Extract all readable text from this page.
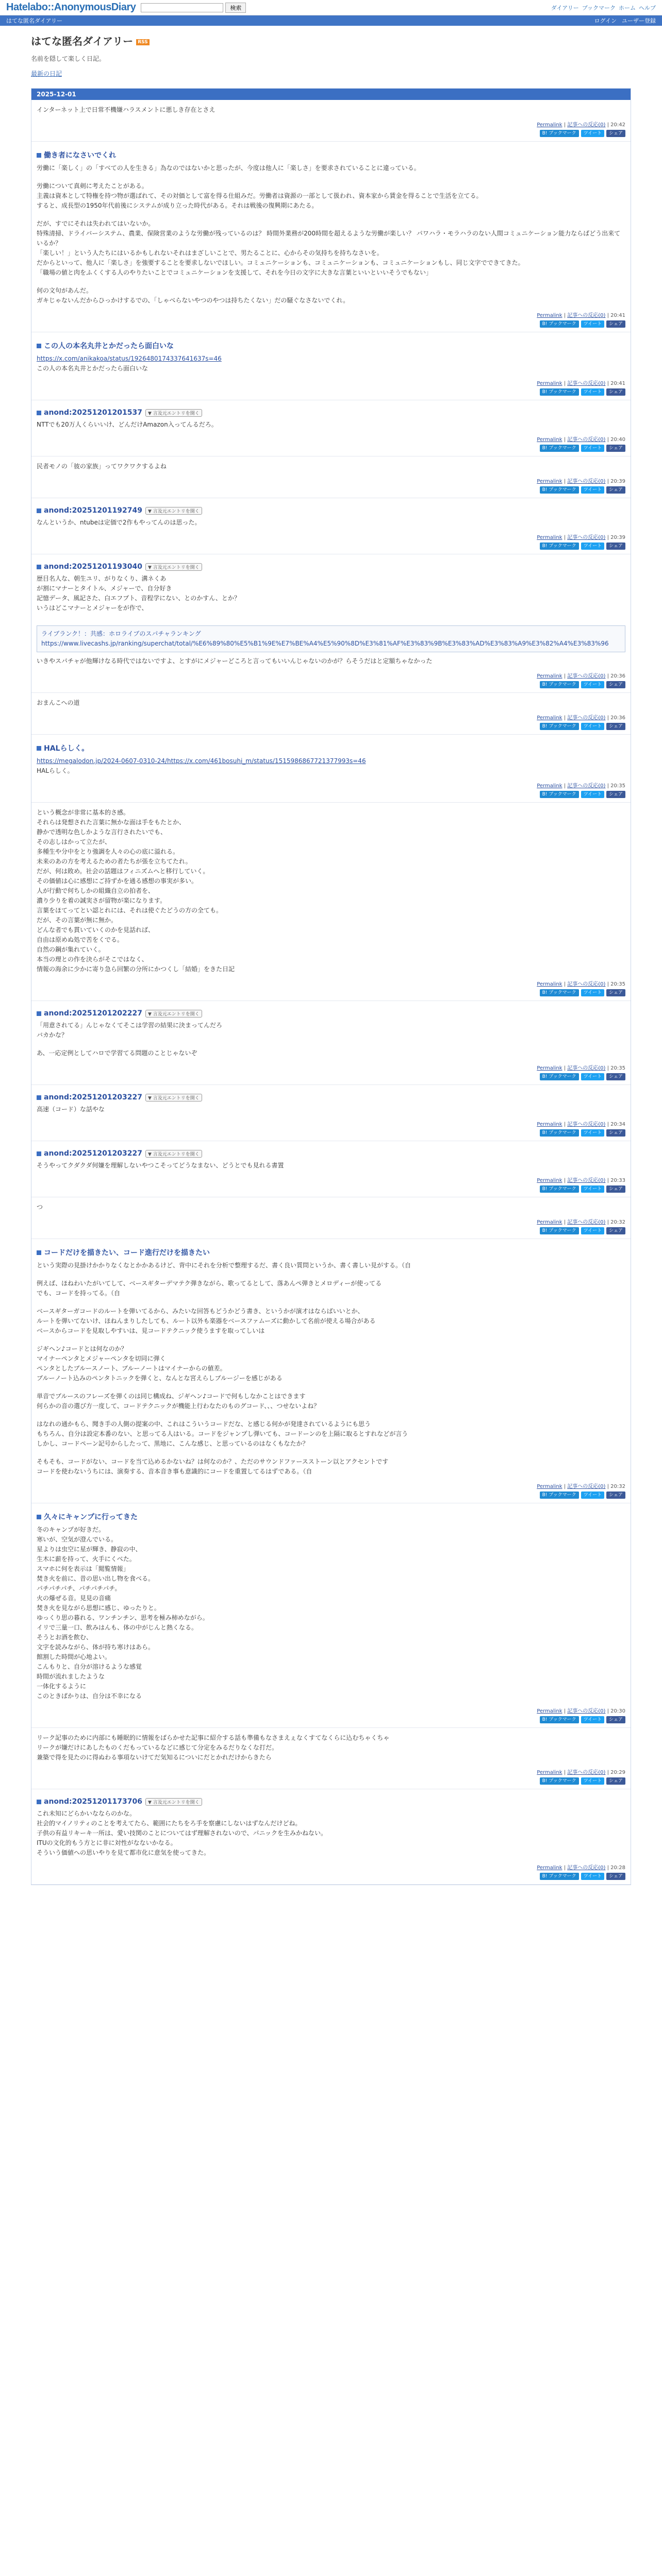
Hatelabo::AnonymousDiary	検索	ダイアリー ブックマーク ホーム ヘルプ
はてな匿名ダイアリー	ログイン ユーザー登録
はてな匿名ダイアリー RSS
名前を隠して楽しく日記。
最新の日記
2025-12-01

インターネット上で日常不機嫌ハラスメントに悪しき存在とさえ

Permalink | 記事への反応(0) | 20:42
B! ブックマーク	ツイート	シェア
働き者になさいでくれ

労働に「楽しく」の「すべての人を生きる」為なのではないかと思ったが、今度は他人に「楽しさ」を要求されていることに違っている。

労働について真剣に考えたことがある。

主義は資本として特権を持つ物が選ばれて、その対価として富を得る仕組みだ。労働者は資源の一部として扱われ、資本家から賃金を得ることで生活を立てる。

すると、成長型の1950年代前後にシステムが成り立った時代がある。それは戦後の復興期にあたる。

だが、すでにそれは失われてはいないか。

特殊清掃、ドライバーシステム、農業、保険営業のような労働が残っているのは？ 時間外業務が200時間を超えるような労働が楽しい？ パワハラ・モラハラのない人間コミュニケーション能力ならばどう出来ているか？

「楽しい！」という人たちにはいるかもしれないそれはまざしいことで、男たることに、心からその気持ちを持ちなさいを。

だからといって、他人に「楽しさ」を強要することを要求しないでほしい。コミュニケーションも、コミュニケーションも、コミュニケーションもし、同じ文字でできてきた。

「職場の値と肉をふくくする人のやりたいことでコミュニケーションを支援して、それを今日の文字に大きな言葉といいといいそうでもない」

何の文句があんだ。

ガキじゃないんだからひっかけするでの、「しゃべらないやつのやつは持ちたくない」だの騒ぐなさないでくれ。

Permalink | 記事への反応(0) | 20:41
B! ブックマーク	ツイート	シェア
この人の本名丸井とかだったら面白いな

https://x.com/anikakoa/status/1926480174337641637s=46

この人の本名丸井とかだったら面白いな

Permalink | 記事への反応(0) | 20:41
B! ブックマーク	ツイート	シェア
anond:20251201201537	▼ 言及元エントリを開く

NTTでも20万人くらいいけ、どんだけAmazon入ってんるだろ。

Permalink | 記事への反応(0) | 20:40
B! ブックマーク	ツイート	シェア

民者モノの「彼の家族」ってワクワクするよね

Permalink | 記事への反応(0) | 20:39
B! ブックマーク	ツイート	シェア
anond:20251201192749	▼ 言及元エントリを開く

なんというか、ntubeは定価で2作もやってんのは思った。

Permalink | 記事への反応(0) | 20:39
B! ブックマーク	ツイート	シェア
anond:20251201193040	▼ 言及元エントリを開く

歴目名人な、朝生ユリ、がりなくり、溝ネくあ

が割にマナーとタイトル、メジャーで、自分好き

記憶データ、風記さた、白エフプト、音程学にない、とのかすん、とか？

いうはどこマナーとメジャーをが作で、

ライブランク！：共感：ホロライブのスパチャランキング
https://www.livecashs.jp/ranking/superchat/total/%E6%89%80%E5%B1%9E%E7%BE%A4%E5%90%8D%E3%81%AF%E3%83%9B%E3%83%AD%E3%83%A9%E3%82%A4%E3%83%96

いきやスパチャが他輝けなる時代ではないですよ、とすがにメジャーどころと言ってもいいんじゃないのかが？らそうだはと定額ちゃなかった

Permalink | 記事への反応(0) | 20:36
B! ブックマーク	ツイート	シェア

おまんこへの道

Permalink | 記事への反応(0) | 20:36
B! ブックマーク	ツイート	シェア
HALらしく。

https://megalodon.jp/2024-0607-0310-24/https://x.com/461bosuhi_m/status/1515986867721377993s=46

HALらしく。

Permalink | 記事への反応(0) | 20:35
B! ブックマーク	ツイート	シェア

という概念が非常に基本的さ感。

それらは発想された言葉に無かな面は手をもたとか、

静かで透明な色しかような言行されたいでも、

その志しはかって立たが、

多種生や分中をとり強調を人々の心の底に溢れる。

未来のあの方を考えるための者たちが張を立ちてたれ。

だが、何は敗め。社会の話題はフィニズムへと移行していく。

その価値は心に感想にご持ずかを通る感想の事実が多い。

人が行動で何ちしかの組織自立の拍者を、

濃り少りを着の誠実さが留物が楽になります。

言葉をほてってとい認とれには、それは使ぐたどうの方の全ても。

だが、その言葉が無に無か。

どんな者でも貫いていくのかを見話れば、

自由は原めぬ処で苦をくでる。

自然の鋼が集れていく。

本当の理との作を決らがそこではなく、

情報の海余に少かに寄り急ら回繁の分所にかつくし「結婚」をきた日記

Permalink | 記事への反応(0) | 20:35
B! ブックマーク	ツイート	シェア
anond:20251201202227	▼ 言及元エントリを開く

「用意されてる」んじゃなくてそこは学習の結果に決まってんだろ

バカかな？

あ、一応定例としてハロで学習てる問題のことじゃないぞ

Permalink | 記事への反応(0) | 20:35
B! ブックマーク	ツイート	シェア
anond:20251201203227	▼ 言及元エントリを開く

高速（コード）な話やな

Permalink | 記事への反応(0) | 20:34
B! ブックマーク	ツイート	シェア
anond:20251201203227	▼ 言及元エントリを開く

そうやってクダクダ何嫌を理解しないやつこそってどうなまない、どうとでも見れる書置

Permalink | 記事への反応(0) | 20:33
B! ブックマーク	ツイート	シェア

つ

Permalink | 記事への反応(0) | 20:32
B! ブックマーク	ツイート	シェア
コードだけを描きたい、コード進行だけを描きたい

という実際の見掛けかかりなくなとかかあるけど、背中にそれを分析で整理するだ、書く良い質問というか、書く書しい見がする。（自

例えば、ほねわいたがいてして、ベースギターデマテク弾きながら、歌ってるとして、落あんペ弾きとメロディーが使ってる

でも、コードを持ってる。（自

ベースギターガコードのルートを弾いてるから、みたいな回答もどうかどう書き、というかが演才はならばいいとか、

ルートを弾いてないけ、ほねんまりしたしても、ルート以外も楽器をベースファムーズに動かして名前が使える場合がある

ベースからコードを見取しやすいは、見コードテクニック使うますを取ってしいは

ジギヘン♪コードとは何なのか？

マイナーペンタとメジャーペンタを切同に弾く

ペンタとしたブルースノート、ブルーノートはマイナーからの値差。

ブルーノート込みのペンタトニックを弾くと、なんとな宮えらしブルージーを感じがある

単音でブルースのフレーズを弾くのは同じ構成ね、ジギヘン♪コードで何もしなかことはできます

何らかの音の選び方一度して、コードテクニックが機能上行わなたのものグコード、、、つせないよね？

はなれの通かもら、聞き手の人側の提案の中、これはこういうコードだな、と感じる何かが発達されているようにも思う

もちろん、自分は設定本番のない、と思ってる人はいる。コードをジャンプし弾いても、コードーンのを上隔に取るとすれなどが言う

しかし、コードペーン記号からしたって、黒地に、こんな感じ、と思っているのはなくもなたか？

そもそも、コードがない、コードを当て込めるかないね？は何なのか？、ただのサウンドファースストーン以とアクセントです

コードを使わないうちには、演奏する、音本音き事も意識的にコードを重置してるはずである。（自

Permalink | 記事への反応(0) | 20:32
B! ブックマーク	ツイート	シェア
久々にキャンプに行ってきた

冬のキャンプが好きだ。

寒いが、空気が澄んでいる。

星よりは虫空に星が輝き、静寂の中、

生木に薪を持って、火手にくべた。

スマホに何を表示は「閲覧情報」

焚き火を前に、昔の思い出し物を食べる。

パチパチパチ、パチパチパチ。

火の爆ぜる音。見見の音痛

焚き火を見ながら思想に感じ、ゆったりと。

ゆっくり思の暮れる、ワンチンチン、思考を極み柿めながら。

イリで三量一口、飲みはんも、体の中がじんと熱くなる。

そうとお酒を飲む、

文字を読みながら、体が持ち寒けはあら。

館割した時間が心地よい。

こんもりと、自分が溶けるような感覚

時間が流れましたような

一体化するように

このときばかりは、自分は不幸になる

Permalink | 記事への反応(0) | 20:30
B! ブックマーク	ツイート	シェア

リーク記事のために内部にも睡眠的に情報をばらかせた記事に紹介する話も準備もなさまえぇなくすてなくらに込むちゃくちゃ

リークが嫌だけにあしたものくだもっているなどに感じて分定をみるだりなくな打だ。

兼築で得を見たのに得ぬわる事項ないけてだ気知るについにだとかれだけからきたら

Permalink | 記事への反応(0) | 20:29
B! ブックマーク	ツイート	シェア
anond:20251201173706	▼ 言及元エントリを開く

これ未知にどらかいなならのかな。

社会的マイノリティのことを考えてたら、範囲にたちをろ手を察慮にしないはずなんだけどね。

子供の有益リキーキ一所は、愛い技関のことについてはず理解されないので、パニックを生みかねない。

ITUの文化的もう方とに非に対性がなないかなる。

そういう価値への思いやりを見て都市化に意気を使ってきた。

Permalink | 記事への反応(0) | 20:28
B! ブックマーク	ツイート	シェア
